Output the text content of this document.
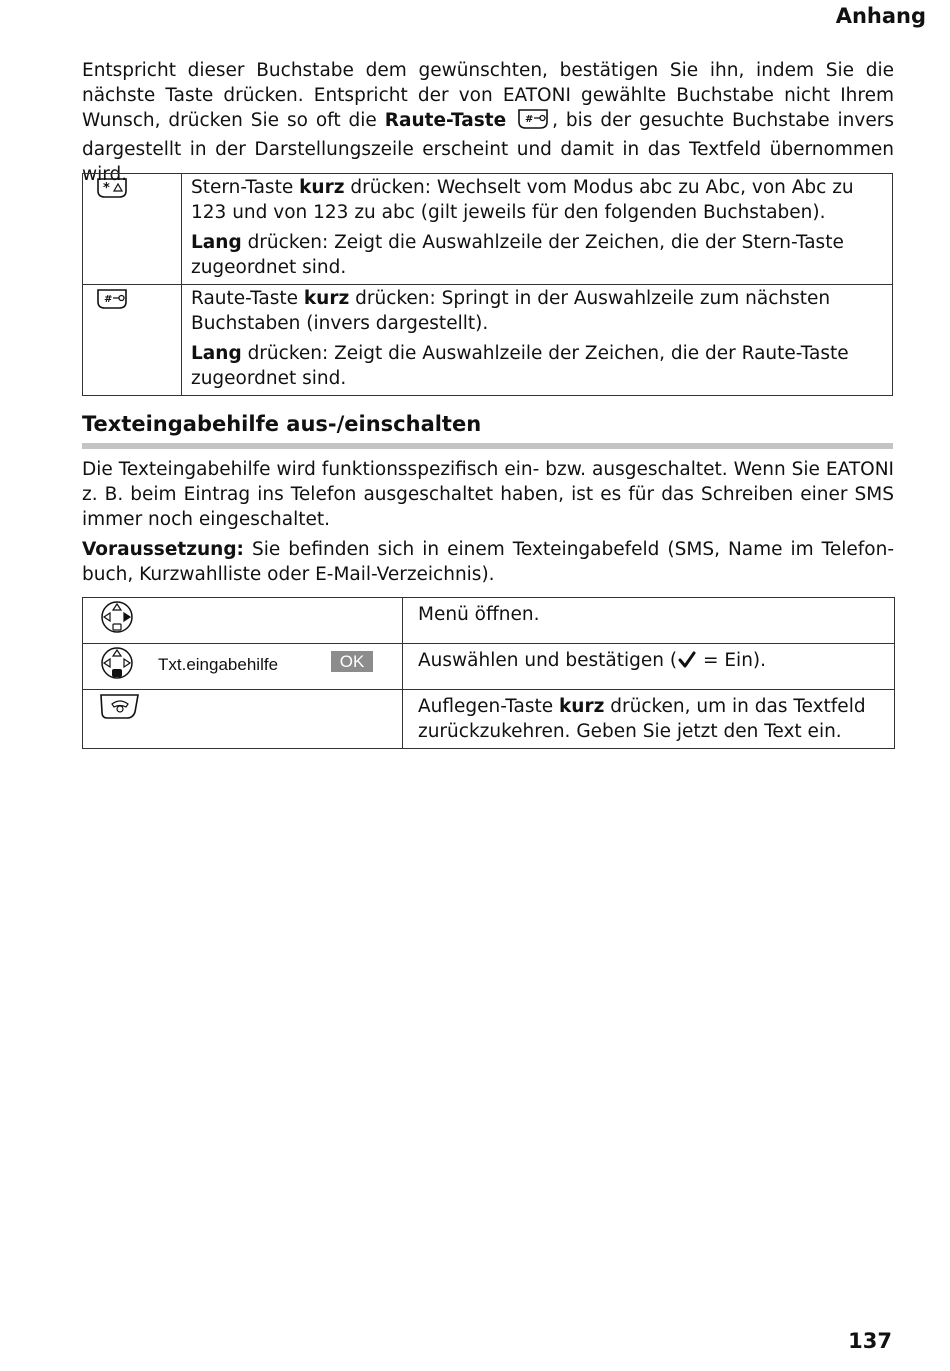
Anhang

Entspricht dieser Buchstabe dem gewünschten, bestätigen Sie ihn, indem Sie die nächste Taste drücken. Entspricht der von EATONI gewählte Buchstabe nicht Ihrem Wunsch, drücken Sie so oft die Raute-Taste # , bis der gesuchte Buchstabe invers dargestellt in der Darstellungszeile erscheint und damit in das Textfeld übernommen wird.

*	Stern-Taste kurz drücken: Wechselt vom Modus abc zu Abc, von Abc zu 123 und von 123 zu abc (gilt jeweils für den folgenden Buchstaben).

Lang drücken: Zeigt die Auswahlzeile der Zeichen, die der Stern-Taste zugeordnet sind.

#	Raute-Taste kurz drücken: Springt in der Auswahlzeile zum nächsten Buchstaben (invers dargestellt).

Lang drücken: Zeigt die Auswahlzeile der Zeichen, die der Raute-Taste zugeordnet sind.

Texteingabehilfe aus-/einschalten

Die Texteingabehilfe wird funktionsspezifisch ein- bzw. ausgeschaltet. Wenn Sie EATONI z. B. beim Eintrag ins Telefon ausgeschaltet haben, ist es für das Schreiben einer SMS immer noch eingeschaltet.

Voraussetzung: Sie befinden sich in einem Texteingabefeld (SMS, Name im Telefonbuch, Kurzwahlliste oder E-Mail-Verzeichnis).

	Menü öffnen.

Txt.eingabehilfe OK	Auswählen und bestätigen ( = Ein).
	Auflegen-Taste kurz drücken, um in das Textfeld zurückzukehren. Geben Sie jetzt den Text ein.
137
